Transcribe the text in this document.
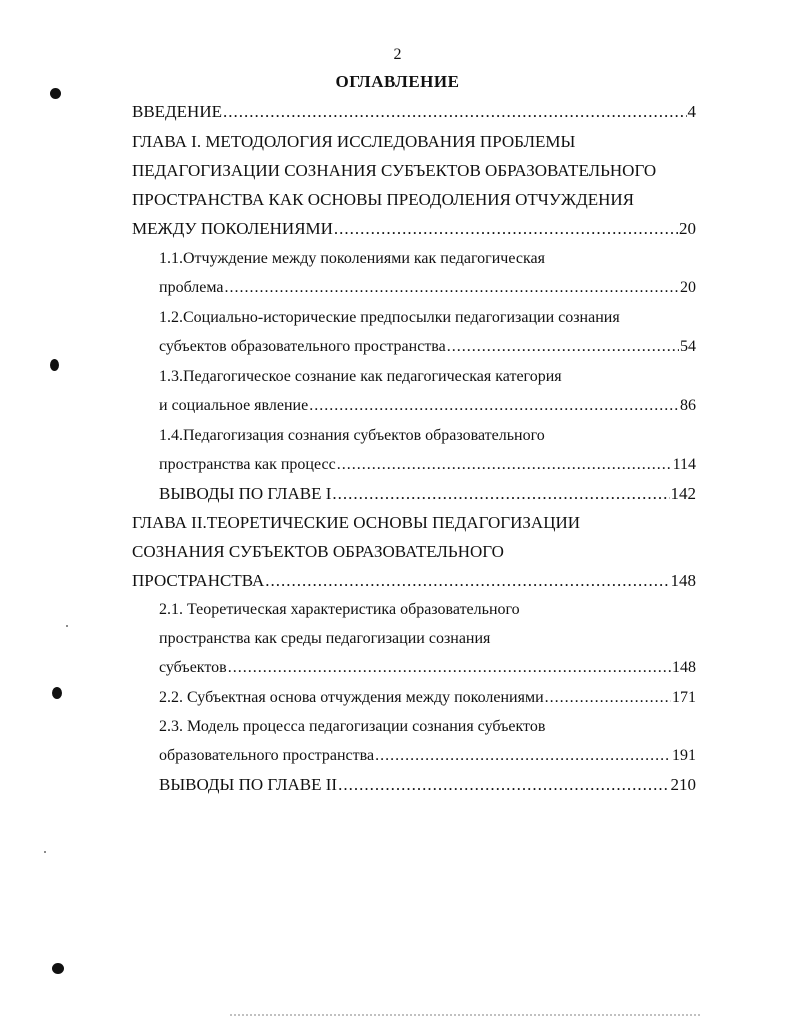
2
ОГЛАВЛЕНИЕ
ВВЕДЕНИЕ .....	4
ГЛАВА I. МЕТОДОЛОГИЯ ИССЛЕДОВАНИЯ ПРОБЛЕМЫ
ПЕДАГОГИЗАЦИИ СОЗНАНИЯ СУБЪЕКТОВ ОБРАЗОВАТЕЛЬНОГО
ПРОСТРАНСТВА КАК ОСНОВЫ ПРЕОДОЛЕНИЯ ОТЧУЖДЕНИЯ
МЕЖДУ ПОКОЛЕНИЯМИ .....	20
1.1.Отчуждение между поколениями как педагогическая
проблема .....	20
1.2.Социально-исторические предпосылки педагогизации сознания
субъектов образовательного пространства .....	54
1.3.Педагогическое сознание как педагогическая категория
и социальное явление .....	86
1.4.Педагогизация сознания субъектов образовательного
пространства как процесс .....	114
ВЫВОДЫ ПО ГЛАВЕ I .....	142
ГЛАВА II.ТЕОРЕТИЧЕСКИЕ ОСНОВЫ ПЕДАГОГИЗАЦИИ
СОЗНАНИЯ СУБЪЕКТОВ ОБРАЗОВАТЕЛЬНОГО
ПРОСТРАНСТВА .....	148
2.1. Теоретическая характеристика образовательного
пространства как среды педагогизации сознания
субъектов .....	148
2.2. Субъектная основа отчуждения между поколениями .....	171
2.3. Модель процесса педагогизации сознания субъектов
образовательного пространства .....	191
ВЫВОДЫ ПО ГЛАВЕ II .....	210
